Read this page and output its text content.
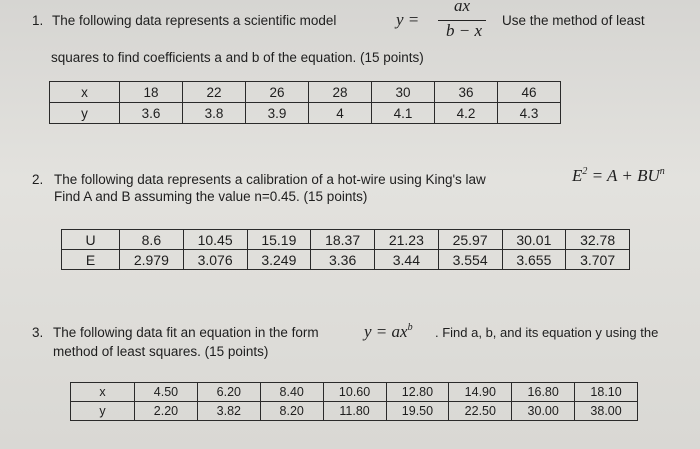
1. The following data represents a scientific model	y =
ax
b − x
Use the method of least
squares to find coefficients a and b of the equation. (15 points)
x	18	22	26	28	30	36	46
y	3.6	3.8	3.9	4	4.1	4.2	4.3
2. The following data represents a calibration of a hot-wire using King's law	$E^2 = A + BU^n$
Find A and B assuming the value n=0.45. (15 points)
U	8.6	10.45	15.19	18.37	21.23	25.97	30.01	32.78
E	2.979	3.076	3.249	3.36	3.44	3.554	3.655	3.707
3. The following data fit an equation in the form	$y = ax^b$ . Find a, b, and its equation y using the
method of least squares. (15 points)
x	4.50	6.20	8.40	10.60	12.80	14.90	16.80	18.10
y	2.20	3.82	8.20	11.80	19.50	22.50	30.00	38.00
